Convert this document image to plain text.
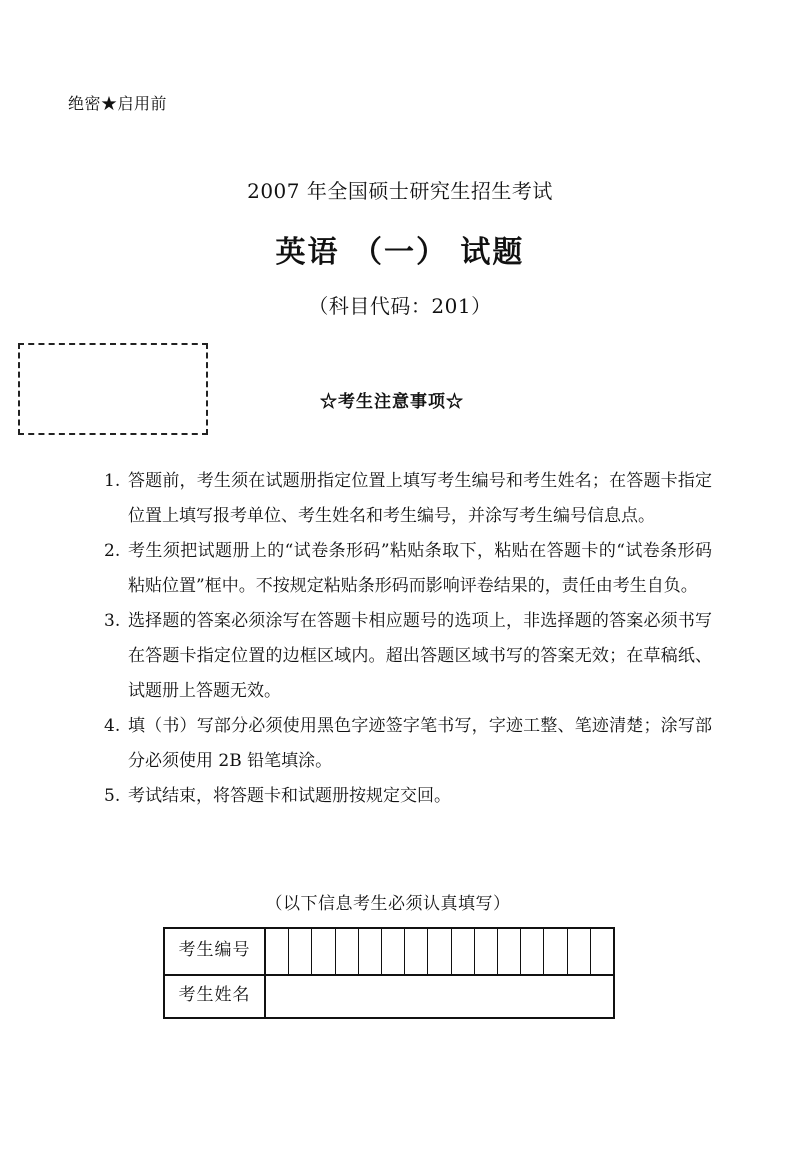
绝密★启用前
2007 年全国硕士研究生招生考试
英语 （一） 试题
（科目代码：201）
☆考生注意事项☆
1. 答题前，考生须在试题册指定位置上填写考生编号和考生姓名；在答题卡指定位置上填写报考单位、考生姓名和考生编号，并涂写考生编号信息点。
2. 考生须把试题册上的“试卷条形码”粘贴条取下，粘贴在答题卡的“试卷条形码粘贴位置”框中。不按规定粘贴条形码而影响评卷结果的，责任由考生自负。
3. 选择题的答案必须涂写在答题卡相应题号的选项上，非选择题的答案必须书写在答题卡指定位置的边框区域内。超出答题区域书写的答案无效；在草稿纸、试题册上答题无效。
4. 填（书）写部分必须使用黑色字迹签字笔书写，字迹工整、笔迹清楚；涂写部分必须使用 2B 铅笔填涂。
5. 考试结束，将答题卡和试题册按规定交回。
（以下信息考生必须认真填写）
考生编号
考生姓名
